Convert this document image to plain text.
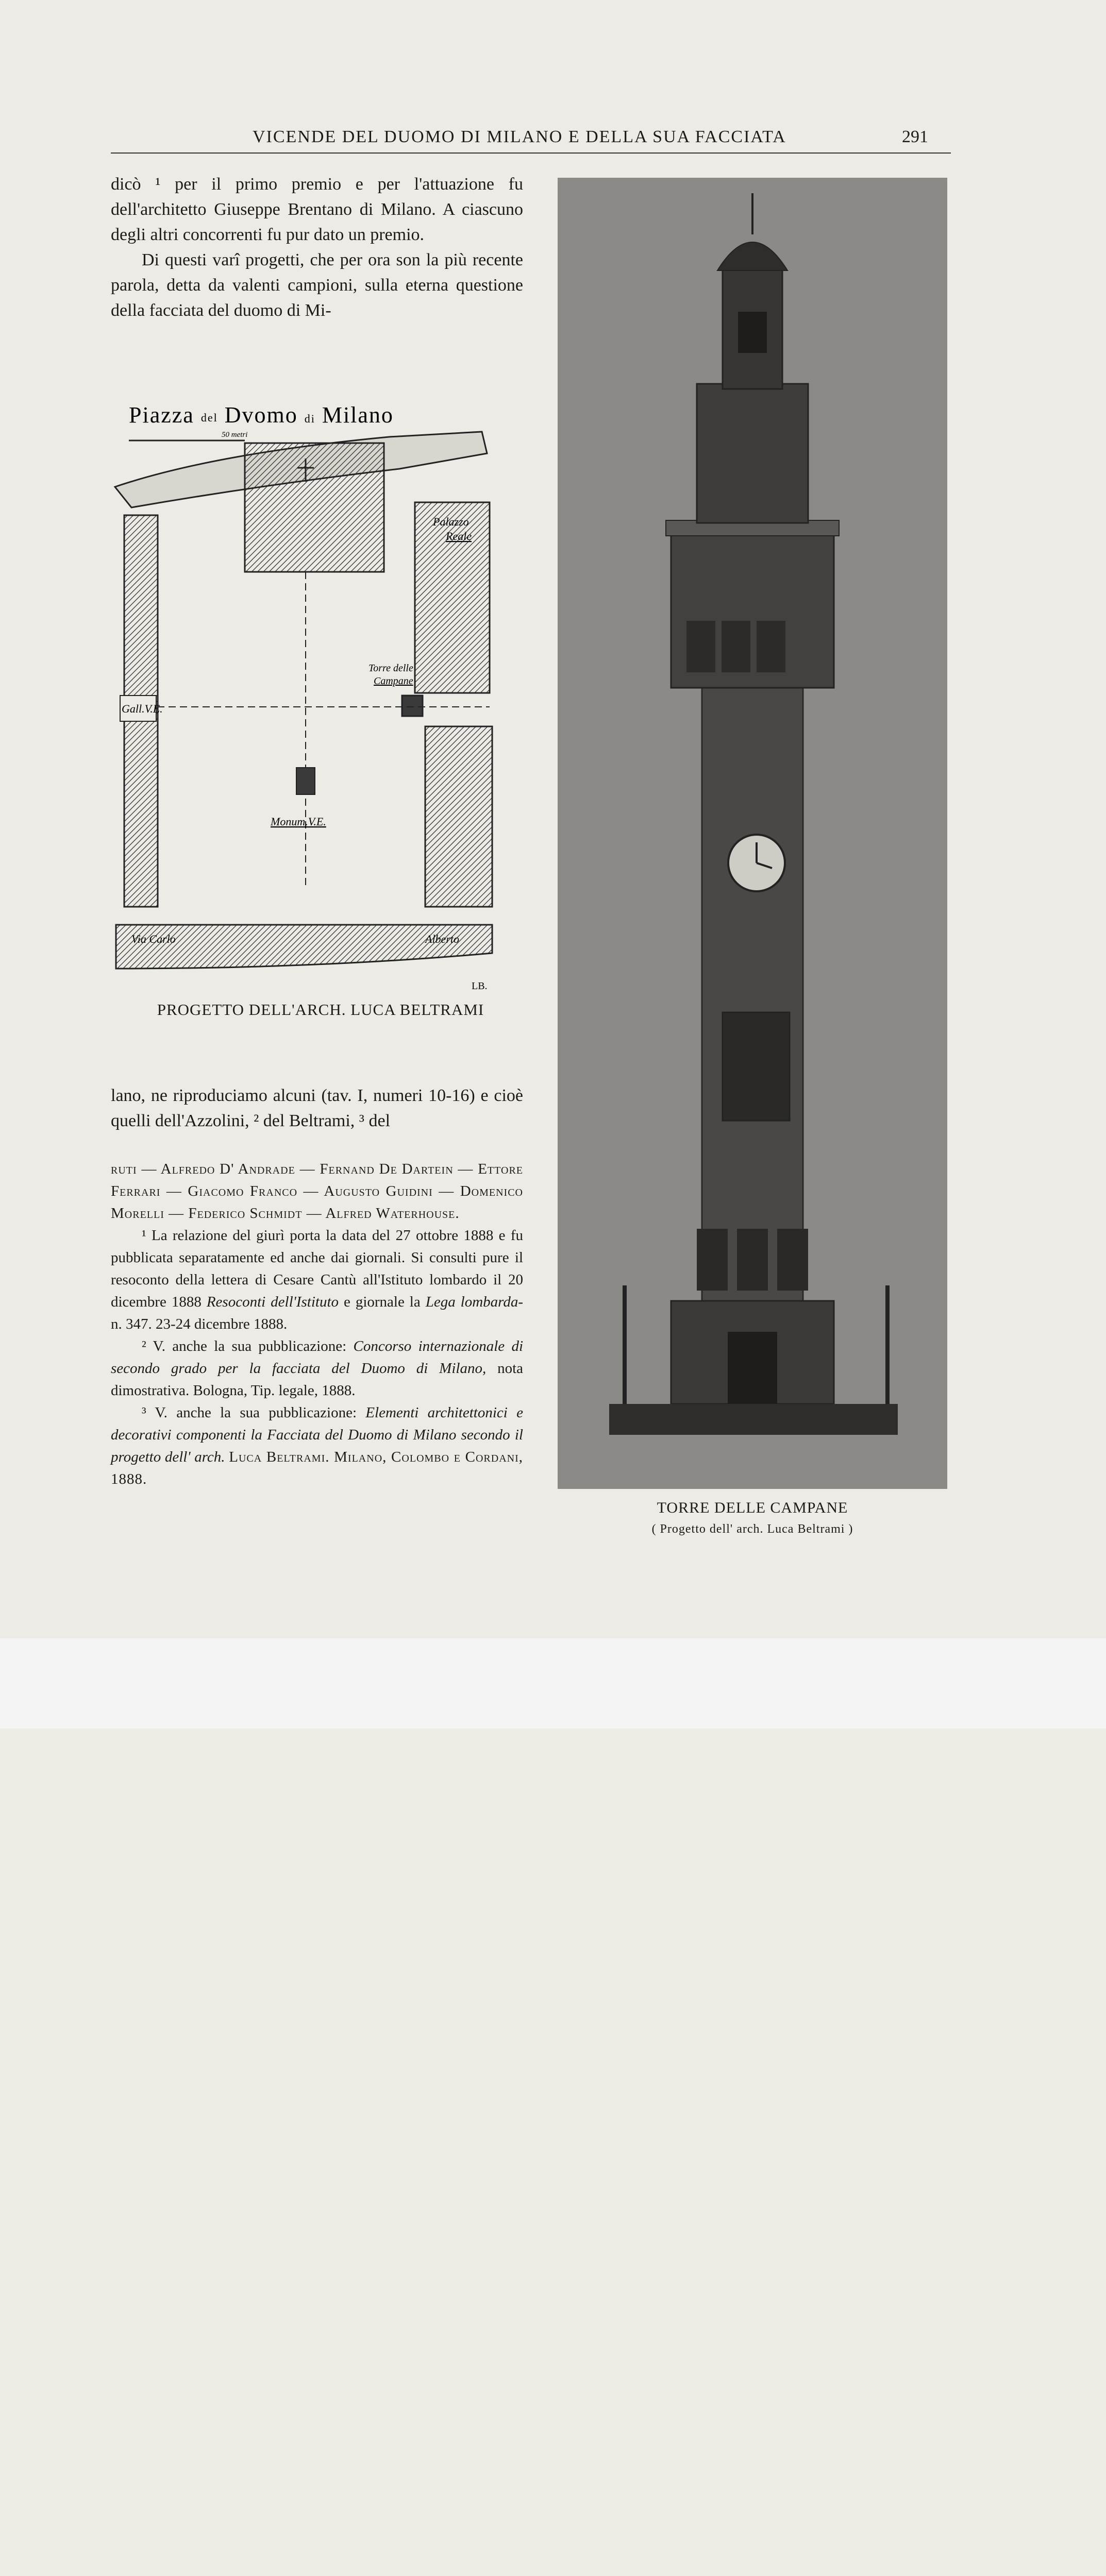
VICENDE DEL DUOMO DI MILANO E DELLA SUA FACCIATA	291

dicò ¹ per il primo premio e per l'attuazione fu dell'architetto Giuseppe Brentano di Milano. A ciascuno degli altri concorrenti fu pur dato un premio.

Di questi varî progetti, che per ora son la più recente parola, detta da valenti campioni, sulla eterna questione della facciata del duomo di Mi-

Piazza del Dvomo di Milano
50 metri
Gall.V.E.
Palazzo
Reale
Torre delle
Campane
Monum.V.E.
Via Carlo	Alberto
LB.
PROGETTO DELL'ARCH. LUCA BELTRAMI

lano, ne riproduciamo alcuni (tav. I, numeri 10-16) e cioè quelli dell'Azzolini, ² del Beltrami, ³ del

ruti — Alfredo D' Andrade — Fernand De Dartein — Ettore Ferrari — Giacomo Franco — Augusto Guidini — Domenico Morelli — Federico Schmidt — Alfred Waterhouse.

¹ La relazione del giurì porta la data del 27 ottobre 1888 e fu pubblicata separatamente ed anche dai giornali. Si consulti pure il resoconto della lettera di Cesare Cantù all'Istituto lombardo il 20 dicembre 1888 Resoconti dell'Istituto e giornale la Lega lombarda- n. 347. 23-24 dicembre 1888.

² V. anche la sua pubblicazione: Concorso internazionale di secondo grado per la facciata del Duomo di Milano, nota dimostrativa. Bologna, Tip. legale, 1888.

³ V. anche la sua pubblicazione: Elementi architettonici e decorativi componenti la Facciata del Duomo di Milano secondo il progetto dell' arch. Luca Beltrami. Milano, Colombo e Cordani, 1888.

TORRE DELLE CAMPANE
( Progetto dell' arch. Luca Beltrami )
